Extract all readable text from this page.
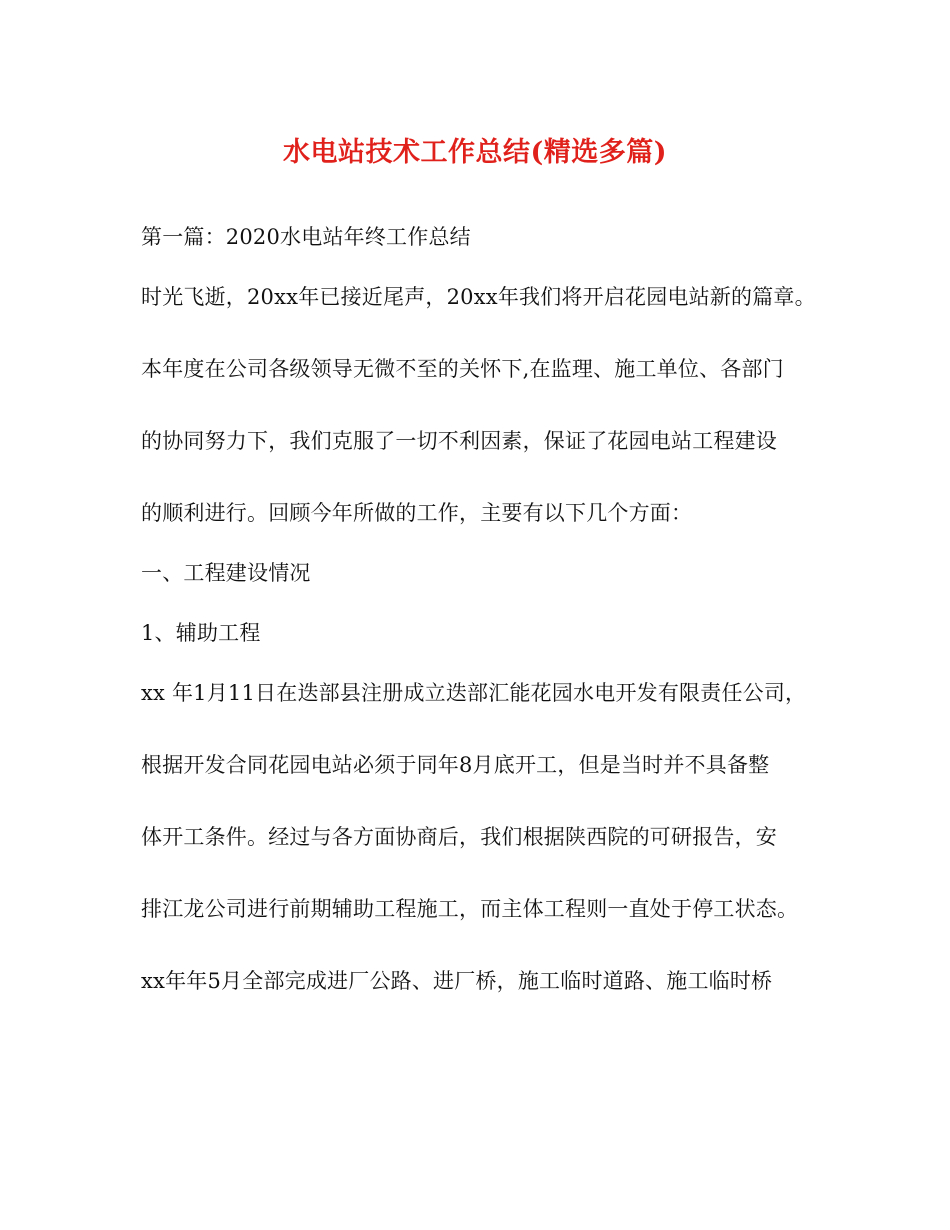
水电站技术工作总结(精选多篇)
第一篇：2020水电站年终工作总结
时光飞逝，20xx年已接近尾声，20xx年我们将开启花园电站新的篇章。
本年度在公司各级领导无微不至的关怀下,在监理、施工单位、各部门
的协同努力下，我们克服了一切不利因素，保证了花园电站工程建设
的顺利进行。回顾今年所做的工作，主要有以下几个方面：
一、工程建设情况
1、辅助工程
xx 年1月11日在迭部县注册成立迭部汇能花园水电开发有限责任公司，
根据开发合同花园电站必须于同年8月底开工，但是当时并不具备整
体开工条件。经过与各方面协商后，我们根据陕西院的可研报告，安
排江龙公司进行前期辅助工程施工，而主体工程则一直处于停工状态。
xx年年5月全部完成进厂公路、进厂桥，施工临时道路、施工临时桥
